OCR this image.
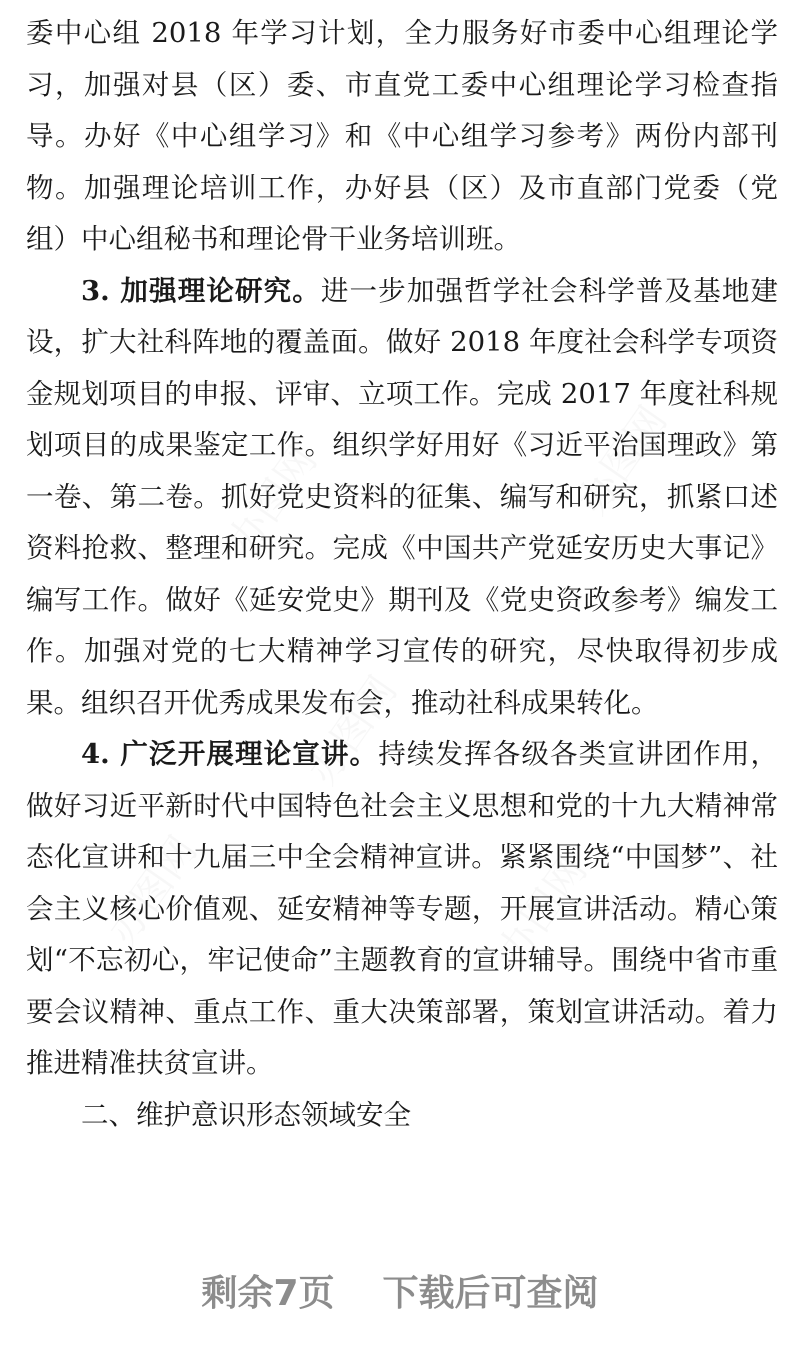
办图网
办图网
办图网	办图网
办图网

委中心组 2018 年学习计划，全力服务好市委中心组理论学习，加强对县（区）委、市直党工委中心组理论学习检查指导。办好《中心组学习》和《中心组学习参考》两份内部刊物。加强理论培训工作，办好县（区）及市直部门党委（党组）中心组秘书和理论骨干业务培训班。

3. 加强理论研究。进一步加强哲学社会科学普及基地建设，扩大社科阵地的覆盖面。做好 2018 年度社会科学专项资金规划项目的申报、评审、立项工作。完成 2017 年度社科规划项目的成果鉴定工作。组织学好用好《习近平治国理政》第一卷、第二卷。抓好党史资料的征集、编写和研究，抓紧口述资料抢救、整理和研究。完成《中国共产党延安历史大事记》编写工作。做好《延安党史》期刊及《党史资政参考》编发工作。加强对党的七大精神学习宣传的研究，尽快取得初步成果。组织召开优秀成果发布会，推动社科成果转化。

4. 广泛开展理论宣讲。持续发挥各级各类宣讲团作用，做好习近平新时代中国特色社会主义思想和党的十九大精神常态化宣讲和十九届三中全会精神宣讲。紧紧围绕“中国梦”、社会主义核心价值观、延安精神等专题，开展宣讲活动。精心策划“不忘初心，牢记使命”主题教育的宣讲辅导。围绕中省市重要会议精神、重点工作、重大决策部署，策划宣讲活动。着力推进精准扶贫宣讲。

二、维护意识形态领域安全

剩余7页 下载后可查阅
